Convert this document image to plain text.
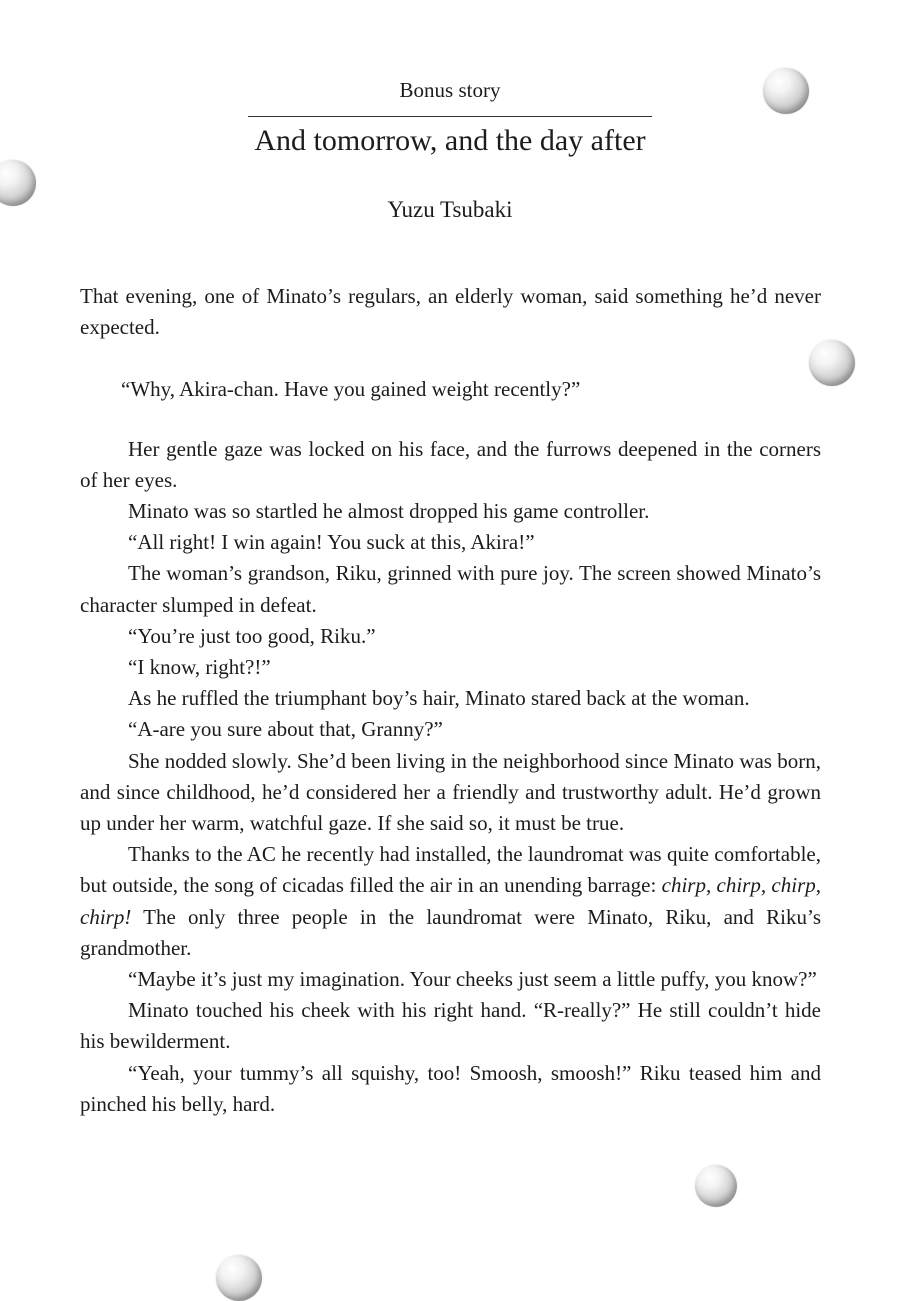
Bonus story
And tomorrow, and the day after
Yuzu Tsubaki

That evening, one of Minato’s regulars, an elderly woman, said something he’d never expected.

“Why, Akira-chan. Have you gained weight recently?”

Her gentle gaze was locked on his face, and the furrows deepened in the corners of her eyes.

Minato was so startled he almost dropped his game controller.

“All right! I win again! You suck at this, Akira!”

The woman’s grandson, Riku, grinned with pure joy. The screen showed Minato’s character slumped in defeat.

“You’re just too good, Riku.”

“I know, right?!”

As he ruffled the triumphant boy’s hair, Minato stared back at the woman.

“A-are you sure about that, Granny?”

She nodded slowly. She’d been living in the neighborhood since Minato was born, and since childhood, he’d considered her a friendly and trustworthy adult. He’d grown up under her warm, watchful gaze. If she said so, it must be true.

Thanks to the AC he recently had installed, the laundromat was quite comfortable, but outside, the song of cicadas filled the air in an unending barrage: chirp, chirp, chirp, chirp! The only three people in the laundromat were Minato, Riku, and Riku’s grandmother.

“Maybe it’s just my imagination. Your cheeks just seem a little puffy, you know?”

Minato touched his cheek with his right hand. “R-really?” He still couldn’t hide his bewilderment.

“Yeah, your tummy’s all squishy, too! Smoosh, smoosh!” Riku teased him and pinched his belly, hard.
